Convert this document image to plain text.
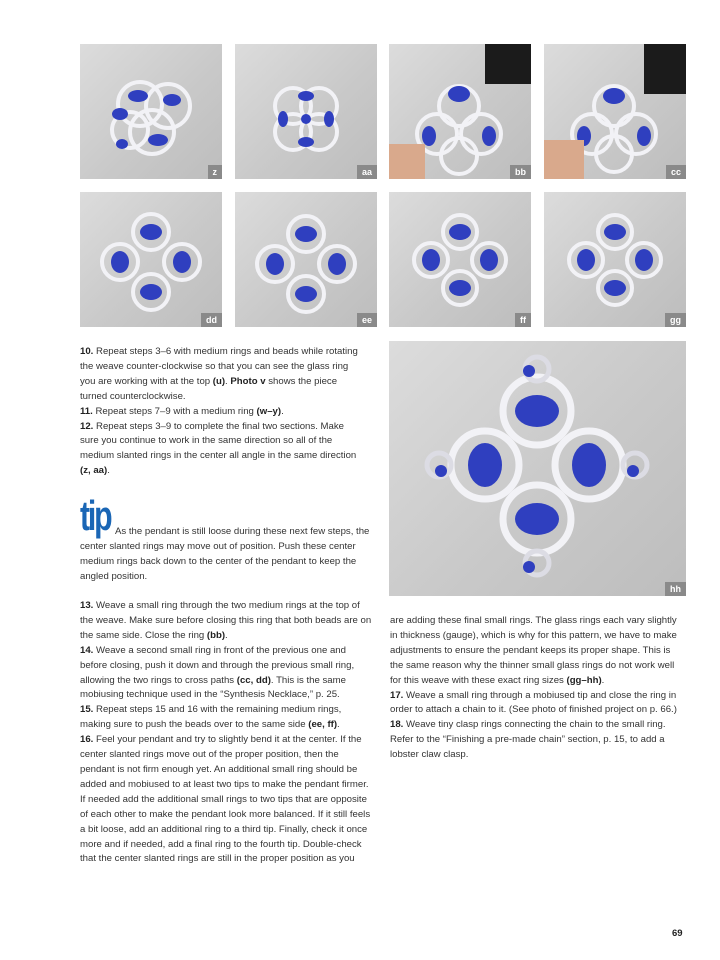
z	aa	bb	cc
dd	ee	ff	gg
hh

10. Repeat steps 3–6 with medium rings and beads while rotating the weave counter-clockwise so that you can see the glass ring you are working with at the top (u). Photo v shows the piece turned counterclockwise.

11. Repeat steps 7–9 with a medium ring (w–y).

12. Repeat steps 3–9 to complete the final two sections. Make sure you continue to work in the same direction so all of the medium slanted rings in the center all angle in the same direction (z, aa).

tip As the pendant is still loose during these next few steps, the center slanted rings may move out of position. Push these center medium rings back down to the center of the pendant to keep the angled position.

13. Weave a small ring through the two medium rings at the top of the weave. Make sure before closing this ring that both beads are on the same side. Close the ring (bb).

14. Weave a second small ring in front of the previous one and before closing, push it down and through the previous small ring, allowing the two rings to cross paths (cc, dd). This is the same mobiusing technique used in the “Synthesis Necklace,” p. 25.

15. Repeat steps 15 and 16 with the remaining medium rings, making sure to push the beads over to the same side (ee, ff).

16. Feel your pendant and try to slightly bend it at the center. If the center slanted rings move out of the proper position, then the pendant is not firm enough yet. An additional small ring should be added and mobiused to at least two tips to make the pendant firmer. If needed add the additional small rings to two tips that are opposite of each other to make the pendant look more balanced. If it still feels a bit loose, add an additional ring to a third tip. Finally, check it once more and if needed, add a final ring to the fourth tip. Double-check that the center slanted rings are still in the proper position as you

are adding these final small rings. The glass rings each vary slightly in thickness (gauge), which is why for this pattern, we have to make adjustments to ensure the pendant keeps its proper shape. This is the same reason why the thinner small glass rings do not work well for this weave with these exact ring sizes (gg–hh).

17. Weave a small ring through a mobiused tip and close the ring in order to attach a chain to it. (See photo of finished project on p. 66.)

18. Weave tiny clasp rings connecting the chain to the small ring. Refer to the “Finishing a pre-made chain” section, p. 15, to add a lobster claw clasp.

69
